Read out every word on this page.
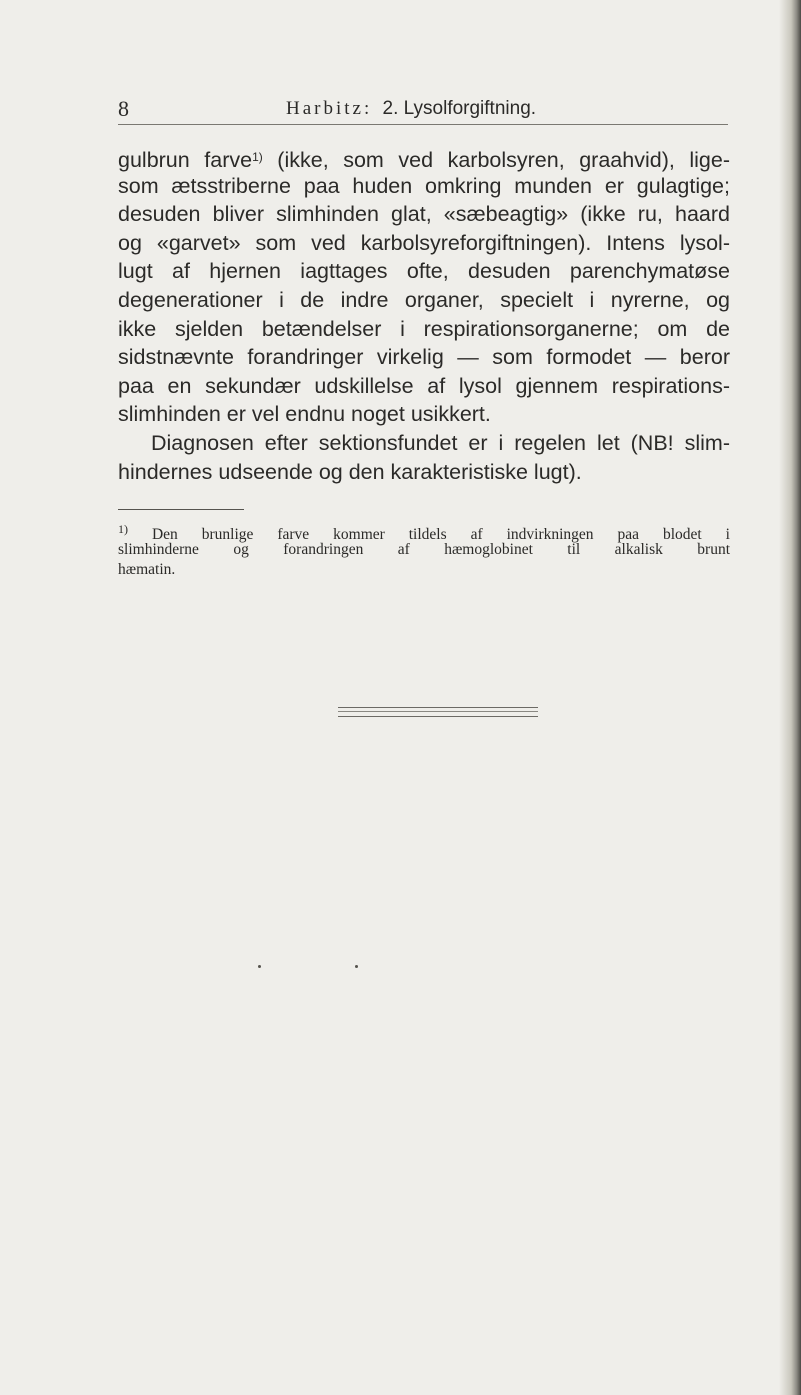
8	Harbitz: 2. Lysolforgiftning.
gulbrun farve$^{1)}$ (ikke, som ved karbolsyren, graahvid), lige-
som ætsstriberne paa huden omkring munden er gulagtige;
desuden bliver slimhinden glat, «sæbeagtig» (ikke ru, haard
og «garvet» som ved karbolsyreforgiftningen). Intens lysol-
lugt af hjernen iagttages ofte, desuden parenchymatøse
degenerationer i de indre organer, specielt i nyrerne, og
ikke sjelden betændelser i respirationsorganerne; om de
sidstnævnte forandringer virkelig — som formodet — beror
paa en sekundær udskillelse af lysol gjennem respirations-
slimhinden er vel endnu noget usikkert.
Diagnosen efter sektionsfundet er i regelen let (NB! slim-
hindernes udseende og den karakteristiske lugt).
$^{1)}$ Den brunlige farve kommer tildels af indvirkningen paa blodet i
slimhinderne og forandringen af hæmoglobinet til alkalisk brunt
hæmatin.
